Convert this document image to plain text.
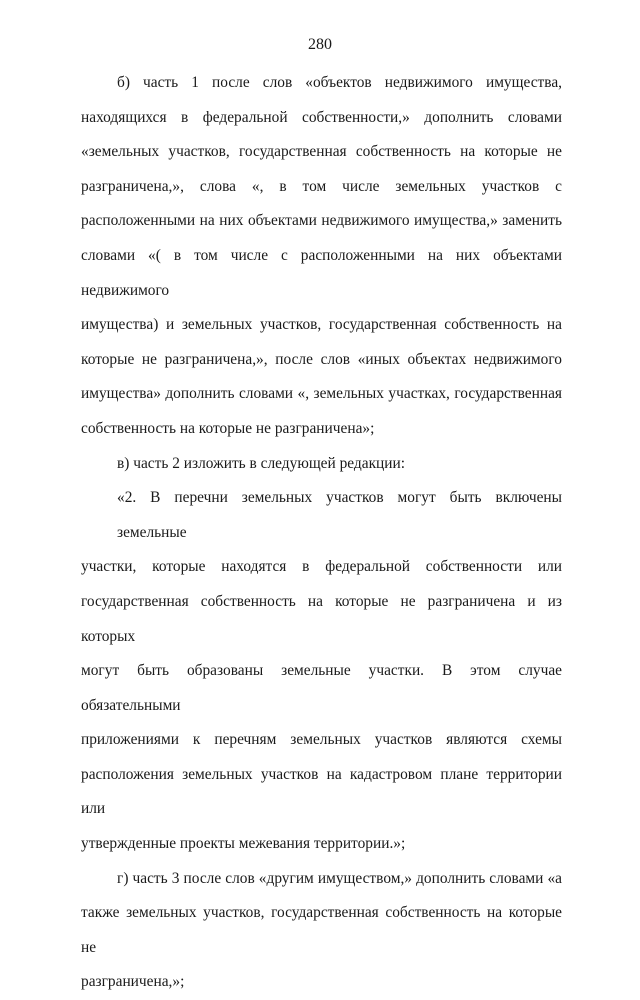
280

б) часть 1 после слов «объектов недвижимого имущества,
находящихся в федеральной собственности,» дополнить словами
«земельных участков, государственная собственность на которые не
разграничена,», слова «, в том числе земельных участков с
расположенными на них объектами недвижимого имущества,» заменить
словами «( в том числе с расположенными на них объектами недвижимого
имущества) и земельных участков, государственная собственность на
которые не разграничена,», после слов «иных объектах недвижимого
имущества» дополнить словами «, земельных участках, государственная
собственность на которые не разграничена»;

в) часть 2 изложить в следующей редакции:

«2. В перечни земельных участков могут быть включены земельные
участки, которые находятся в федеральной собственности или
государственная собственность на которые не разграничена и из которых
могут быть образованы земельные участки. В этом случае обязательными
приложениями к перечням земельных участков являются схемы
расположения земельных участков на кадастровом плане территории или
утвержденные проекты межевания территории.»;

г) часть 3 после слов «другим имуществом,» дополнить словами «а
также земельных участков, государственная собственность на которые не
разграничена,»;
